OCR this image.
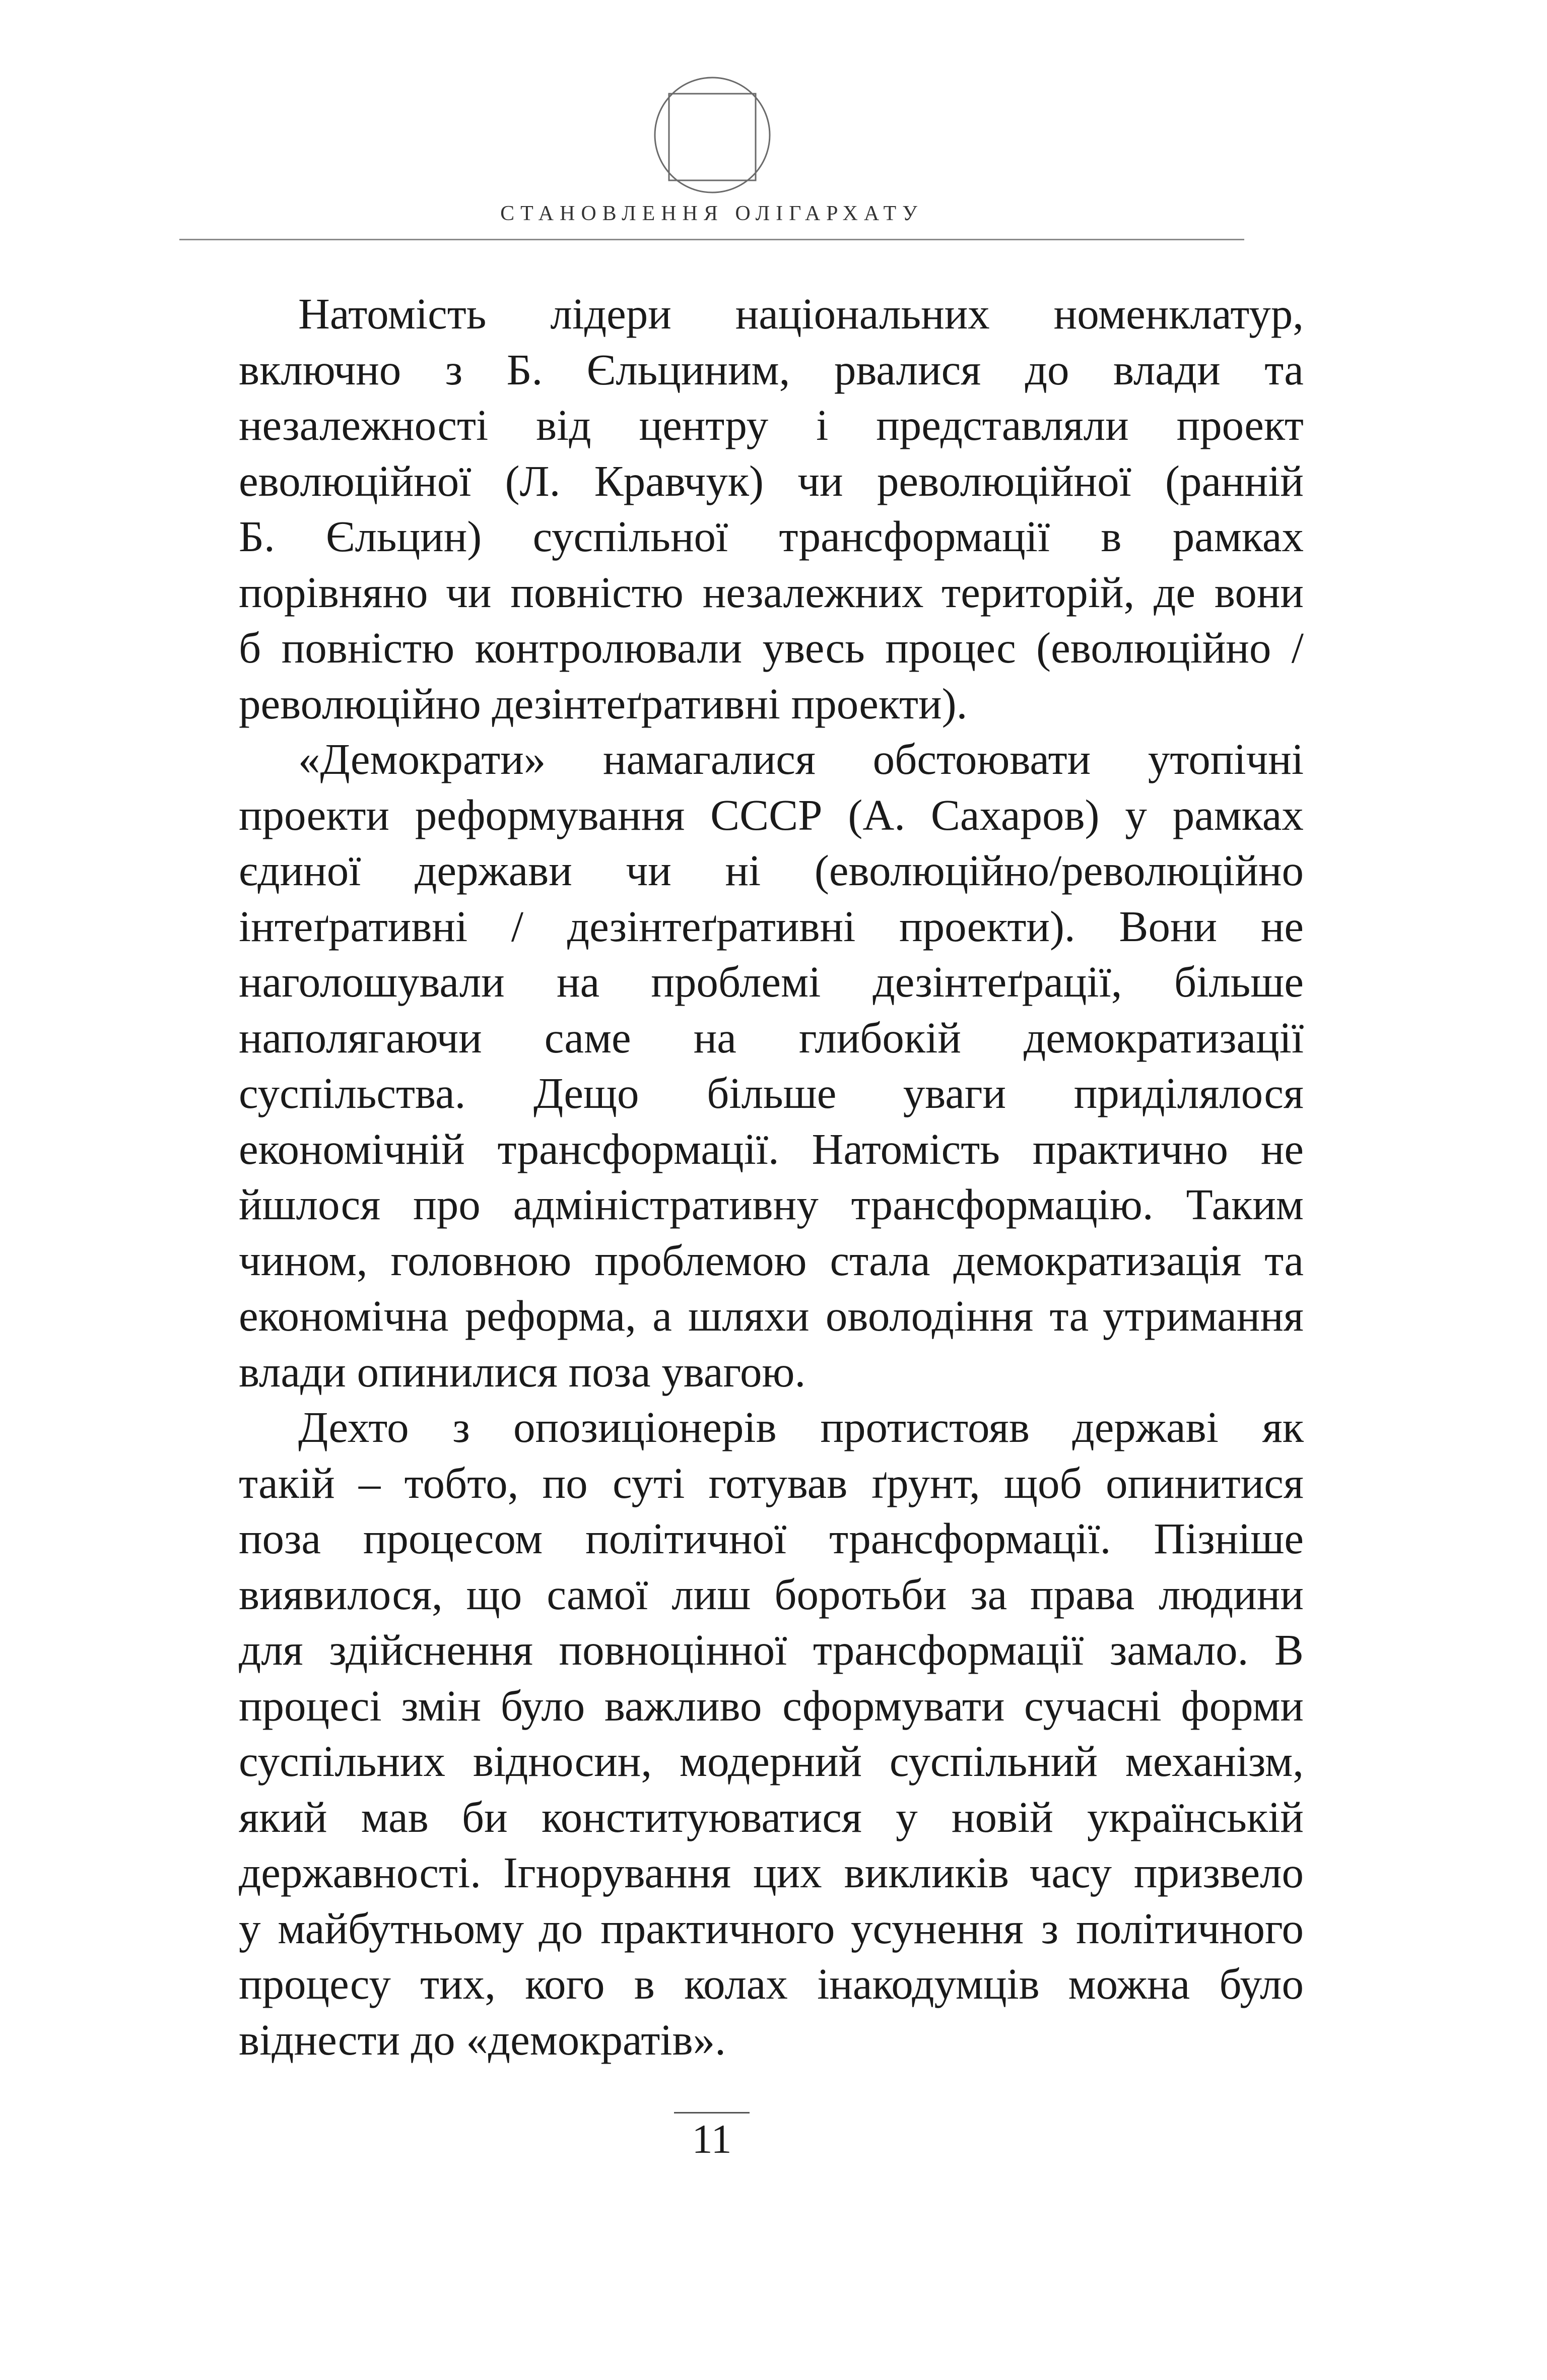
СТАНОВЛЕННЯ ОЛІГАРХАТУ
Натомість лідери національних номенклатур,
включно з Б. Єльциним, рвалися до влади та
незалежності від центру і представляли проект
еволюційної (Л. Кравчук) чи революційної (ранній
Б. Єльцин) суспільної трансформації в рамках
порівняно чи повністю незалежних територій, де вони
б повністю контролювали увесь процес (еволюційно /
революційно дезінтеґративні проекти).
«Демократи» намагалися обстоювати утопічні
проекти реформування СССР (А. Сахаров) у рамках
єдиної держави чи ні (еволюційно/революційно
інтеґративні / дезінтеґративні проекти). Вони не
наголошували на проблемі дезінтеґрації, більше
наполягаючи саме на глибокій демократизації
суспільства. Дещо більше уваги приділялося
економічній трансформації. Натомість практично не
йшлося про адміністративну трансформацію. Таким
чином, головною проблемою стала демократизація та
економічна реформа, а шляхи оволодіння та утримання
влади опинилися поза увагою.
Дехто з опозиціонерів протистояв державі як
такій – тобто, по суті готував ґрунт, щоб опинитися
поза процесом політичної трансформації. Пізніше
виявилося, що самої лиш боротьби за права людини
для здійснення повноцінної трансформації замало. В
процесі змін було важливо сформувати сучасні форми
суспільних відносин, модерний суспільний механізм,
який мав би конституюватися у новій українській
державності. Ігнорування цих викликів часу призвело
у майбутньому до практичного усунення з політичного
процесу тих, кого в колах інакодумців можна було
віднести до «демократів».
11
